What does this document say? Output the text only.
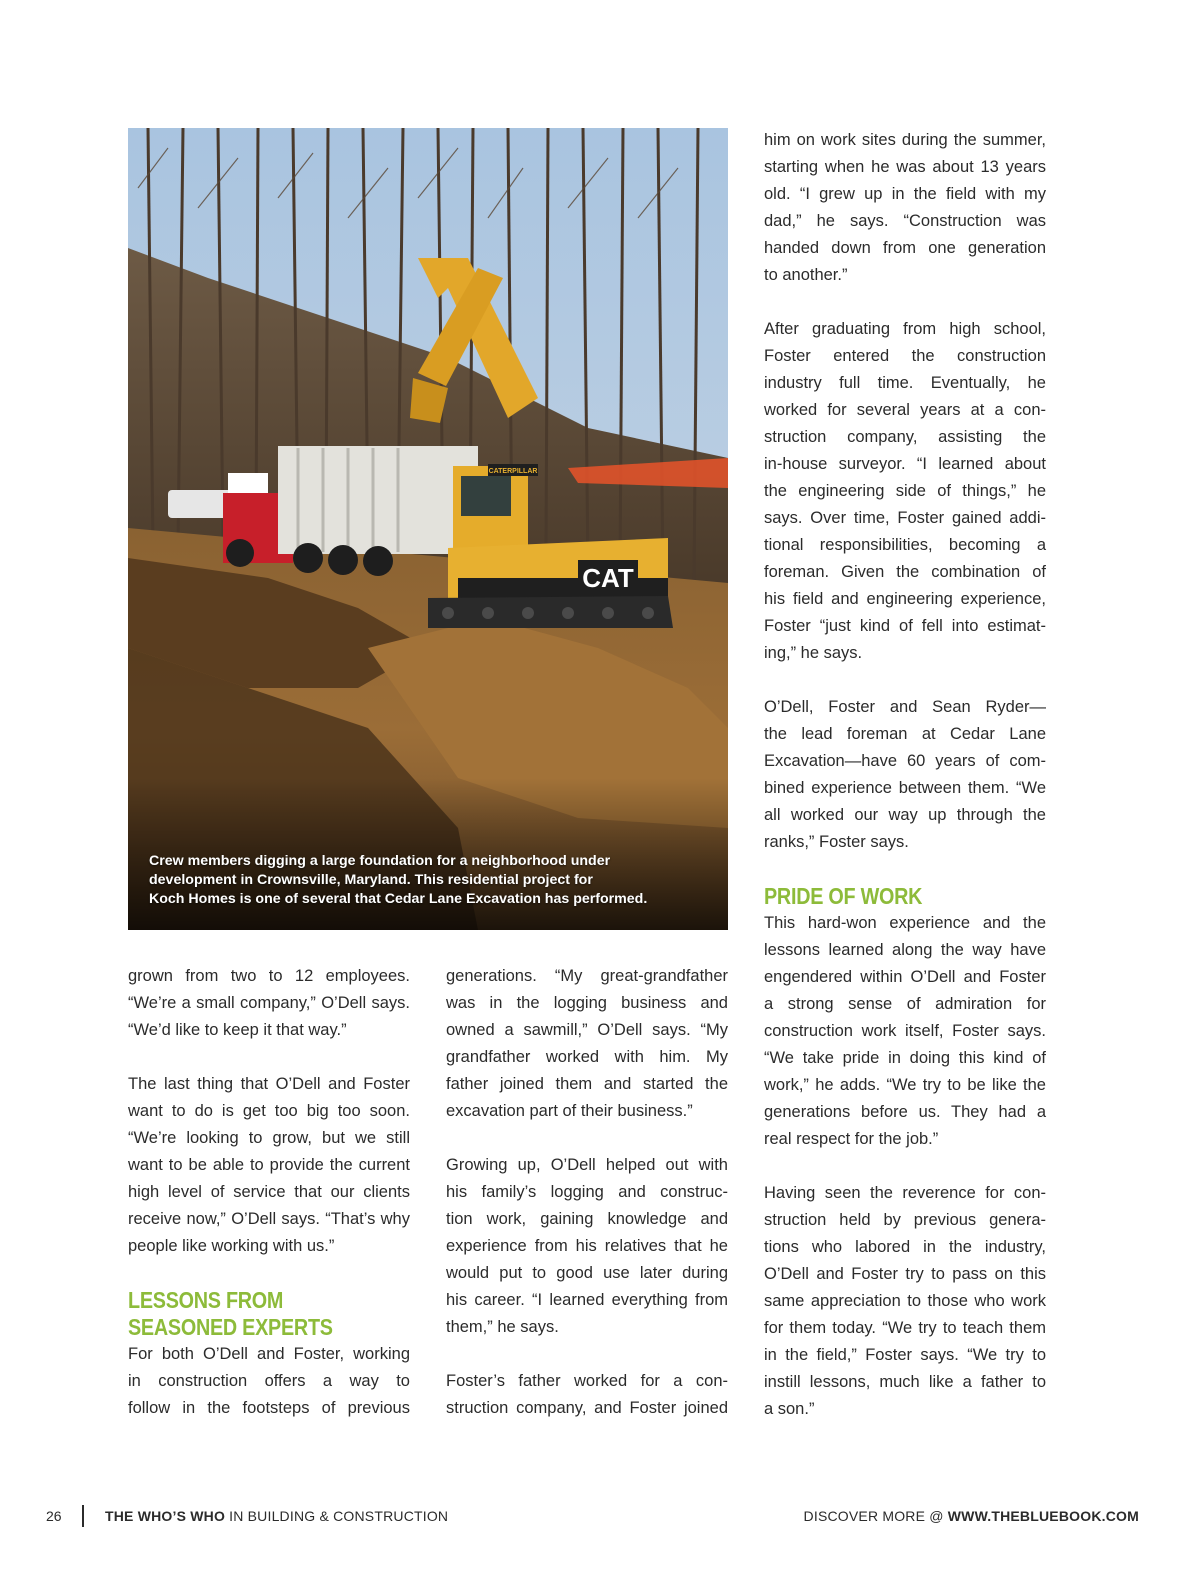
CAT
CATERPILLAR
Crew members digging a large foundation for a neighborhood under
development in Crownsville, Maryland. This residential project for
Koch Homes is one of several that Cedar Lane Excavation has performed.

grown from two to 12 employees.
“We’re a small company,” O’Dell says.
“We’d like to keep it that way.”

The last thing that O’Dell and Foster
want to do is get too big too soon.
“We’re looking to grow, but we still
want to be able to provide the current
high level of service that our clients
receive now,” O’Dell says. “That’s why
people like working with us.”

LESSONS FROM
SEASONED EXPERTS

For both O’Dell and Foster, working
in construction offers a way to
follow in the footsteps of previous

generations. “My great-grandfather
was in the logging business and
owned a sawmill,” O’Dell says. “My
grandfather worked with him. My
father joined them and started the
excavation part of their business.”

Growing up, O’Dell helped out with
his family’s logging and construc-
tion work, gaining knowledge and
experience from his relatives that he
would put to good use later during
his career. “I learned everything from
them,” he says.

Foster’s father worked for a con-
struction company, and Foster joined

him on work sites during the summer,
starting when he was about 13 years
old. “I grew up in the field with my
dad,” he says. “Construction was
handed down from one generation
to another.”

After graduating from high school,
Foster entered the construction
industry full time. Eventually, he
worked for several years at a con-
struction company, assisting the
in-house surveyor. “I learned about
the engineering side of things,” he
says. Over time, Foster gained addi-
tional responsibilities, becoming a
foreman. Given the combination of
his field and engineering experience,
Foster “just kind of fell into estimat-
ing,” he says.

O’Dell, Foster and Sean Ryder—
the lead foreman at Cedar Lane
Excavation—have 60 years of com-
bined experience between them. “We
all worked our way up through the
ranks,” Foster says.

PRIDE OF WORK

This hard-won experience and the
lessons learned along the way have
engendered within O’Dell and Foster
a strong sense of admiration for
construction work itself, Foster says.
“We take pride in doing this kind of
work,” he adds. “We try to be like the
generations before us. They had a
real respect for the job.”

Having seen the reverence for con-
struction held by previous genera-
tions who labored in the industry,
O’Dell and Foster try to pass on this
same appreciation to those who work
for them today. “We try to teach them
in the field,” Foster says. “We try to
instill lessons, much like a father to
a son.”

26	THE WHO’S WHO IN BUILDING & CONSTRUCTION	DISCOVER MORE @ WWW.THEBLUEBOOK.COM
